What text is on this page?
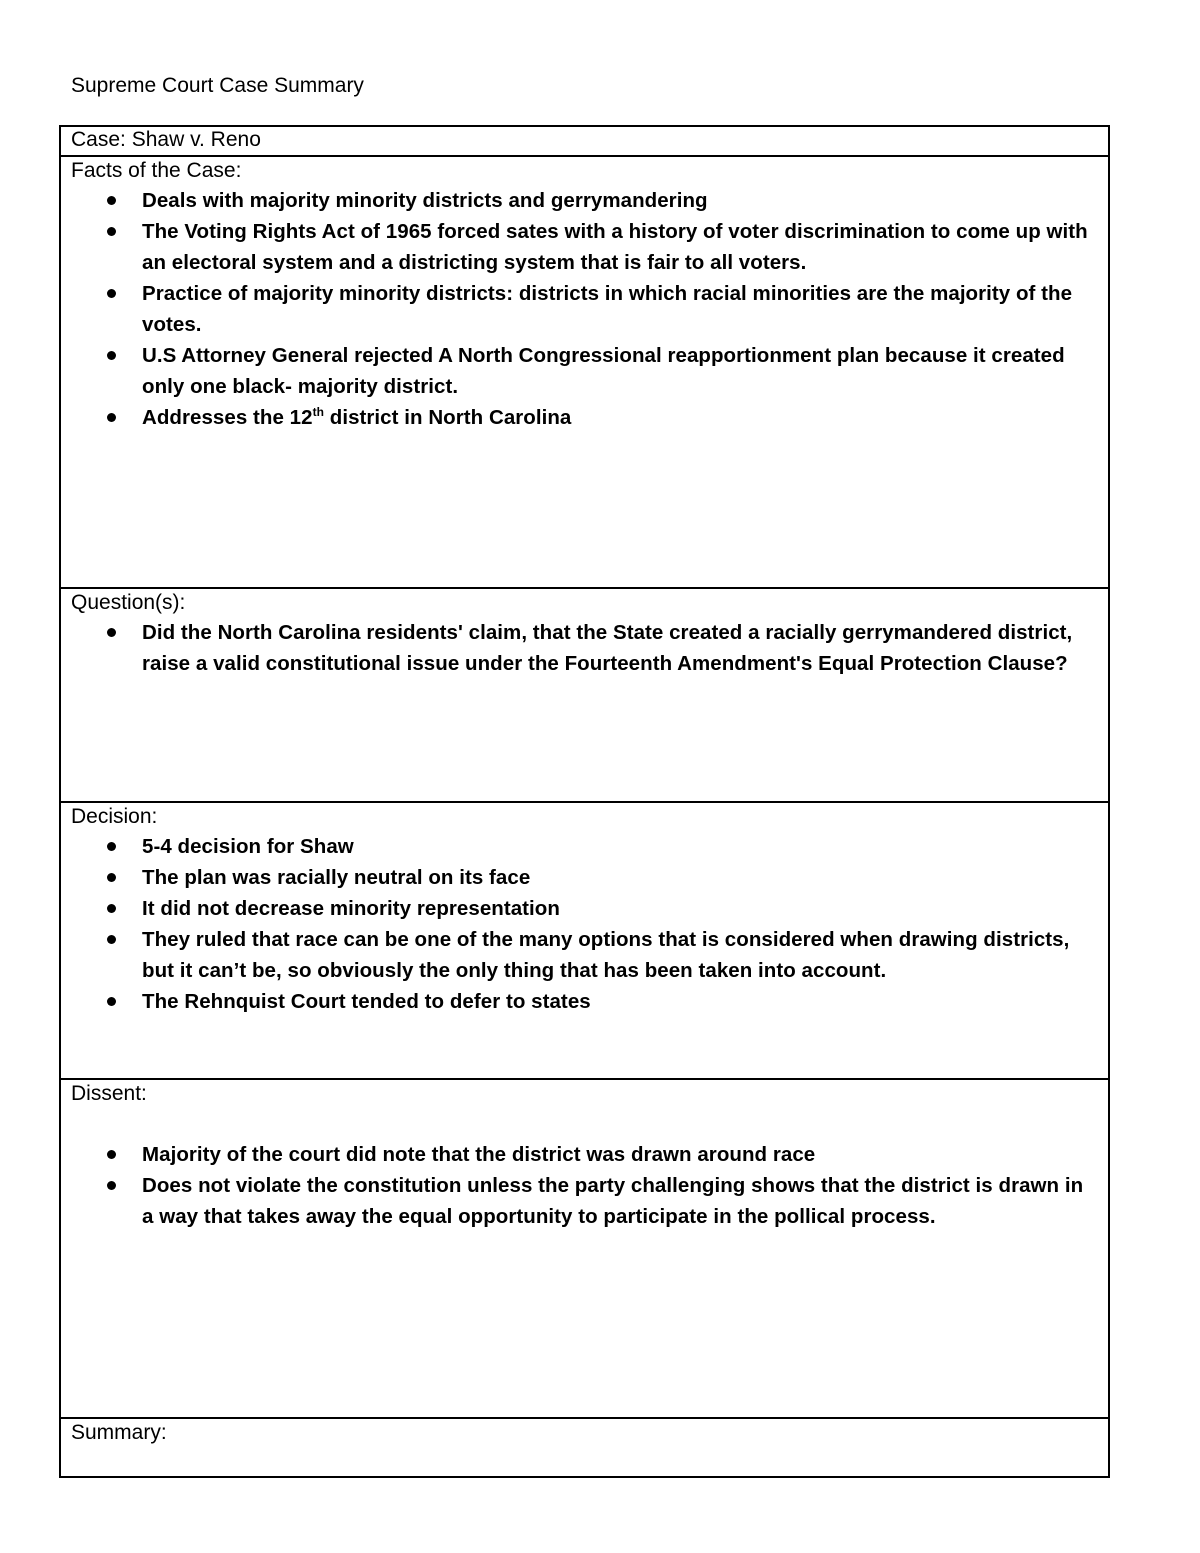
Supreme Court Case Summary

Case: Shaw v. Reno

Facts of the Case:

Deals with majority minority districts and gerrymandering
The Voting Rights Act of 1965 forced sates with a history of voter discrimination to come up with an electoral system and a districting system that is fair to all voters.
Practice of majority minority districts: districts in which racial minorities are the majority of the votes.
U.S Attorney General rejected A North Congressional reapportionment plan because it created only one black- majority district.
Addresses the 12th district in North Carolina

Question(s):

Did the North Carolina residents' claim, that the State created a racially gerrymandered district, raise a valid constitutional issue under the Fourteenth Amendment's Equal Protection Clause?

Decision:

5-4 decision for Shaw
The plan was racially neutral on its face
It did not decrease minority representation
They ruled that race can be one of the many options that is considered when drawing districts, but it can’t be, so obviously the only thing that has been taken into account.
The Rehnquist Court tended to defer to states

Dissent:

Majority of the court did note that the district was drawn around race
Does not violate the constitution unless the party challenging shows that the district is drawn in a way that takes away the equal opportunity to participate in the pollical process.

Summary:
